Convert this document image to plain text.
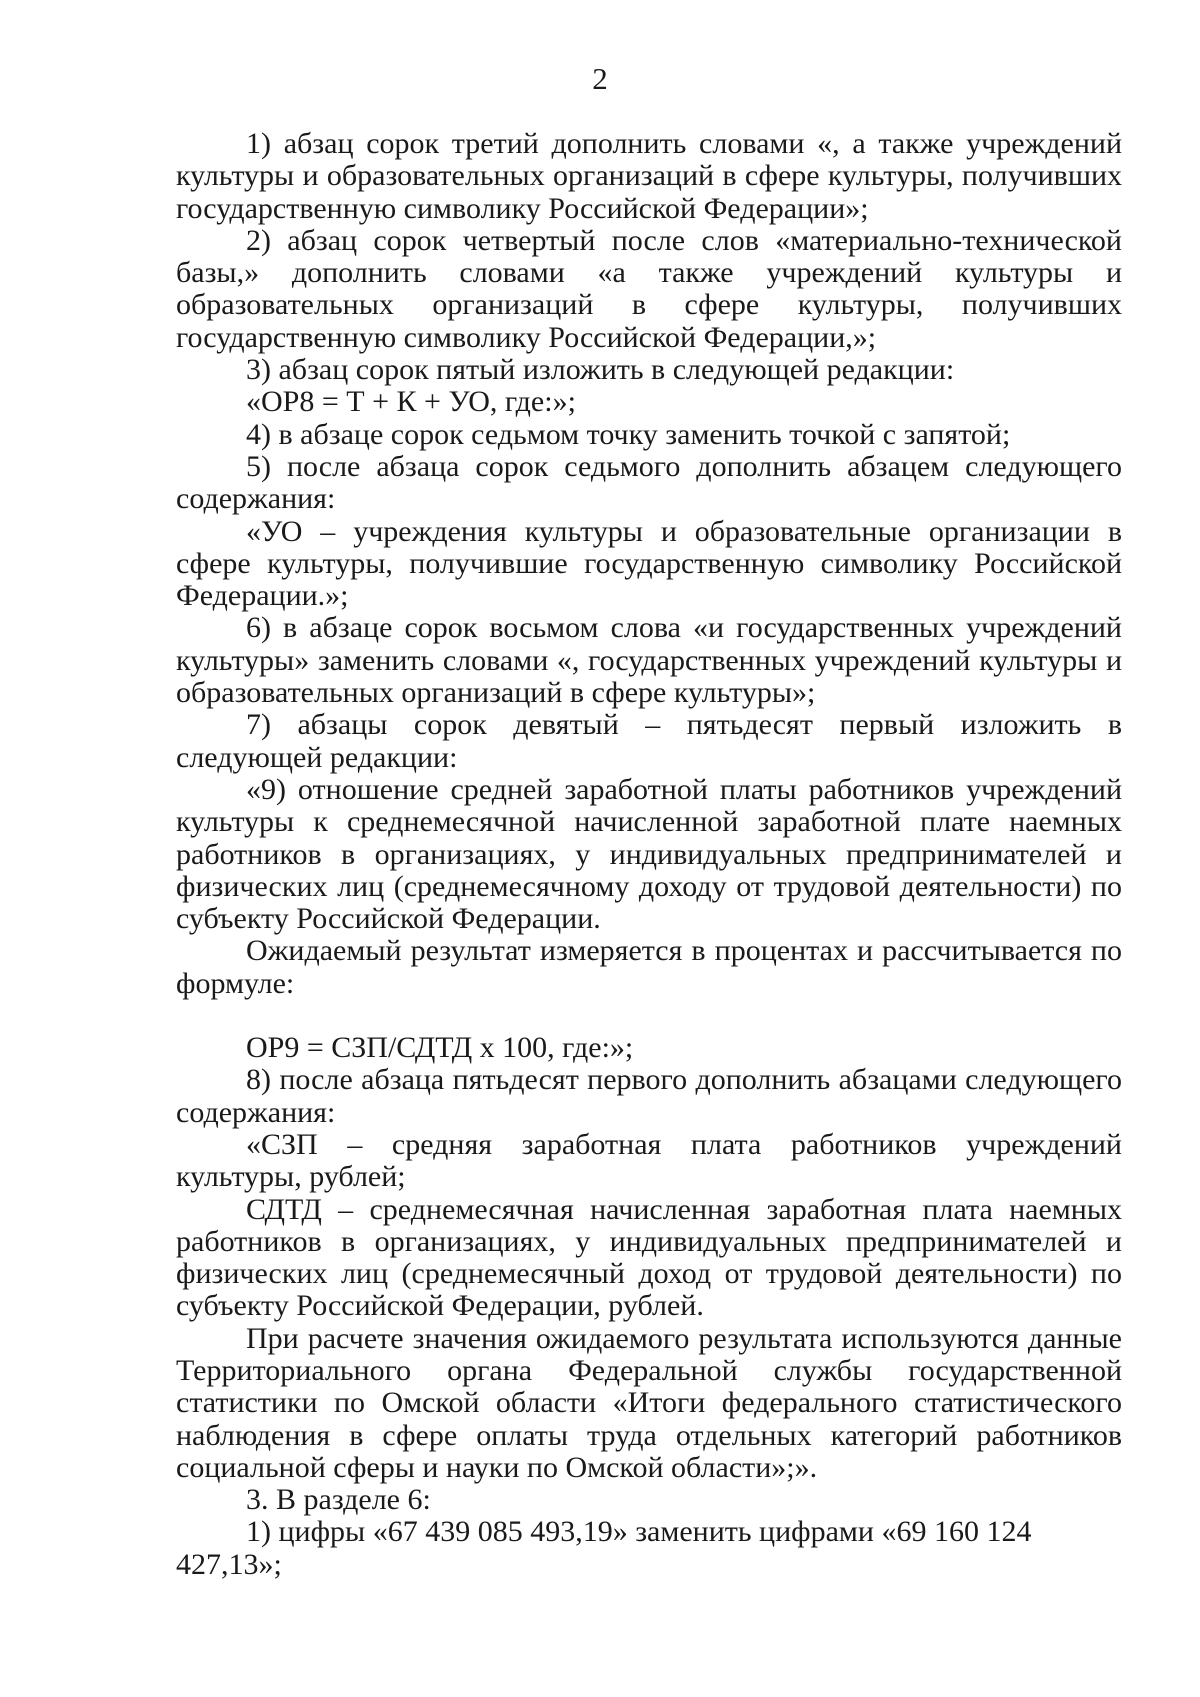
2

1) абзац сорок третий дополнить словами «, а также учреждений культуры и образовательных организаций в сфере культуры, получивших государственную символику Российской Федерации»;

2) абзац сорок четвертый после слов «материально-технической базы,» дополнить словами «а также учреждений культуры и образовательных организаций в сфере культуры, получивших государственную символику Российской Федерации,»;

3) абзац сорок пятый изложить в следующей редакции:

«ОР8 = Т + К + УО, где:»;

4) в абзаце сорок седьмом точку заменить точкой с запятой;

5) после абзаца сорок седьмого дополнить абзацем следующего содержания:

«УО – учреждения культуры и образовательные организации в сфере культуры, получившие государственную символику Российской Федерации.»;

6) в абзаце сорок восьмом слова «и государственных учреждений культуры» заменить словами «, государственных учреждений культуры и образовательных организаций в сфере культуры»;

7) абзацы сорок девятый – пятьдесят первый изложить в следующей редакции:

«9) отношение средней заработной платы работников учреждений культуры к среднемесячной начисленной заработной плате наемных работников в организациях, у индивидуальных предпринимателей и физических лиц (среднемесячному доходу от трудовой деятельности) по субъекту Российской Федерации.

Ожидаемый результат измеряется в процентах и рассчитывается по формуле:

ОР9 = СЗП/СДТД х 100, где:»;

8) после абзаца пятьдесят первого дополнить абзацами следующего содержания:

«СЗП – средняя заработная плата работников учреждений культуры, рублей;

СДТД – среднемесячная начисленная заработная плата наемных работников в организациях, у индивидуальных предпринимателей и физических лиц (среднемесячный доход от трудовой деятельности) по субъекту Российской Федерации, рублей.

При расчете значения ожидаемого результата используются данные Территориального органа Федеральной службы государственной статистики по Омской области «Итоги федерального статистического наблюдения в сфере оплаты труда отдельных категорий работников социальной сферы и науки по Омской области»;».

3. В разделе 6:

1) цифры «67 439 085 493,19» заменить цифрами «69 160 124 427,13»;
